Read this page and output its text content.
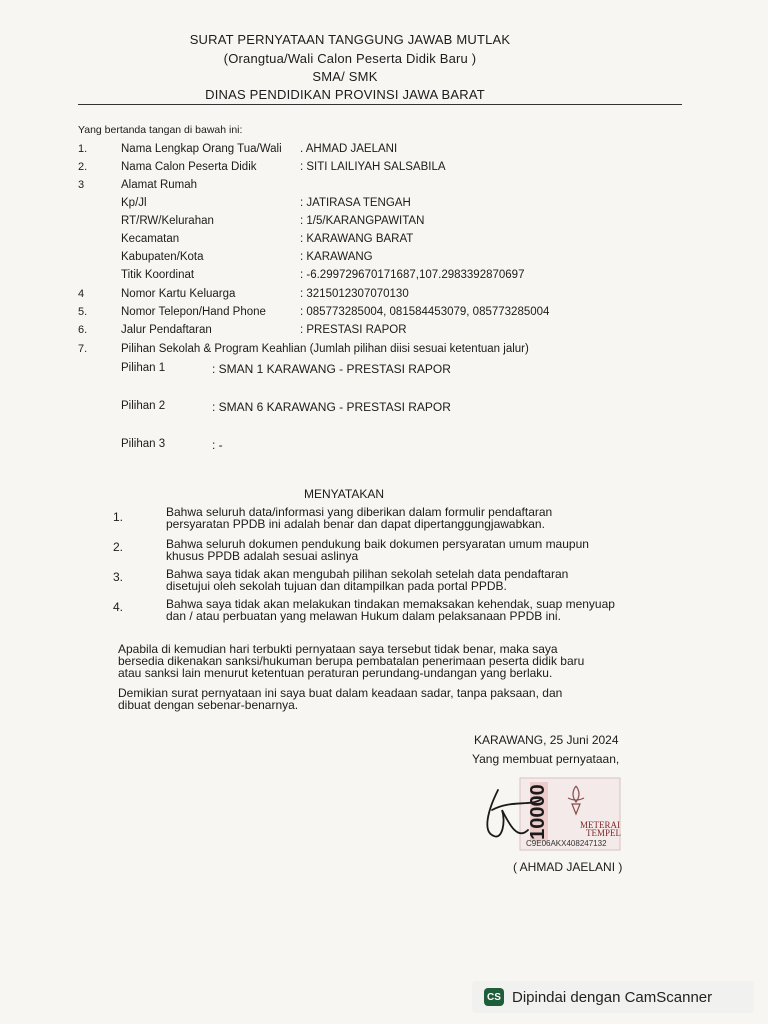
SURAT PERNYATAAN TANGGUNG JAWAB MUTLAK
(Orangtua/Wali Calon Peserta Didik Baru )
SMA/ SMK
DINAS PENDIDIKAN PROVINSI JAWA BARAT
Yang bertanda tangan di bawah ini:
1.	Nama Lengkap Orang Tua/Wali . AHMAD JAELANI
2.	Nama Calon Peserta Didik	: SITI LAILIYAH SALSABILA
3	Alamat Rumah
Kp/Jl	: JATIRASA TENGAH
RT/RW/Kelurahan	: 1/5/KARANGPAWITAN
Kecamatan	: KARAWANG BARAT
Kabupaten/Kota	: KARAWANG
Titik Koordinat	: -6.299729670171687,107.2983392870697
4	Nomor Kartu Keluarga	: 3215012307070130
5.	Nomor Telepon/Hand Phone	: 085773285004, 081584453079, 085773285004
6.	Jalur Pendaftaran	: PRESTASI RAPOR
7.	Pilihan Sekolah & Program Keahlian (Jumlah pilihan diisi sesuai ketentuan jalur)
Pilihan 1	: SMAN 1 KARAWANG - PRESTASI RAPOR
Pilihan 2	: SMAN 6 KARAWANG - PRESTASI RAPOR
Pilihan 3	: -
MENYATAKAN
1.	Bahwa seluruh data/informasi yang diberikan dalam formulir pendaftaran persyaratan PPDB ini adalah benar dan dapat dipertanggungjawabkan.
2.	Bahwa seluruh dokumen pendukung baik dokumen persyaratan umum maupun khusus PPDB adalah sesuai aslinya
3.	Bahwa saya tidak akan mengubah pilihan sekolah setelah data pendaftaran disetujui oleh sekolah tujuan dan ditampilkan pada portal PPDB.
4.	Bahwa saya tidak akan melakukan tindakan memaksakan kehendak, suap menyuap dan / atau perbuatan yang melawan Hukum dalam pelaksanaan PPDB ini.
Apabila di kemudian hari terbukti pernyataan saya tersebut tidak benar, maka saya bersedia dikenakan sanksi/hukuman berupa pembatalan penerimaan peserta didik baru atau sanksi lain menurut ketentuan peraturan perundang-undangan yang berlaku.
Demikian surat pernyataan ini saya buat dalam keadaan sadar, tanpa paksaan, dan dibuat dengan sebenar-benarnya.
KARAWANG, 25 Juni 2024
Yang membuat pernyataan,
10000	METERAI
TEMPEL
C9E06AKX408247132
( AHMAD JAELANI )
CS Dipindai dengan CamScanner
